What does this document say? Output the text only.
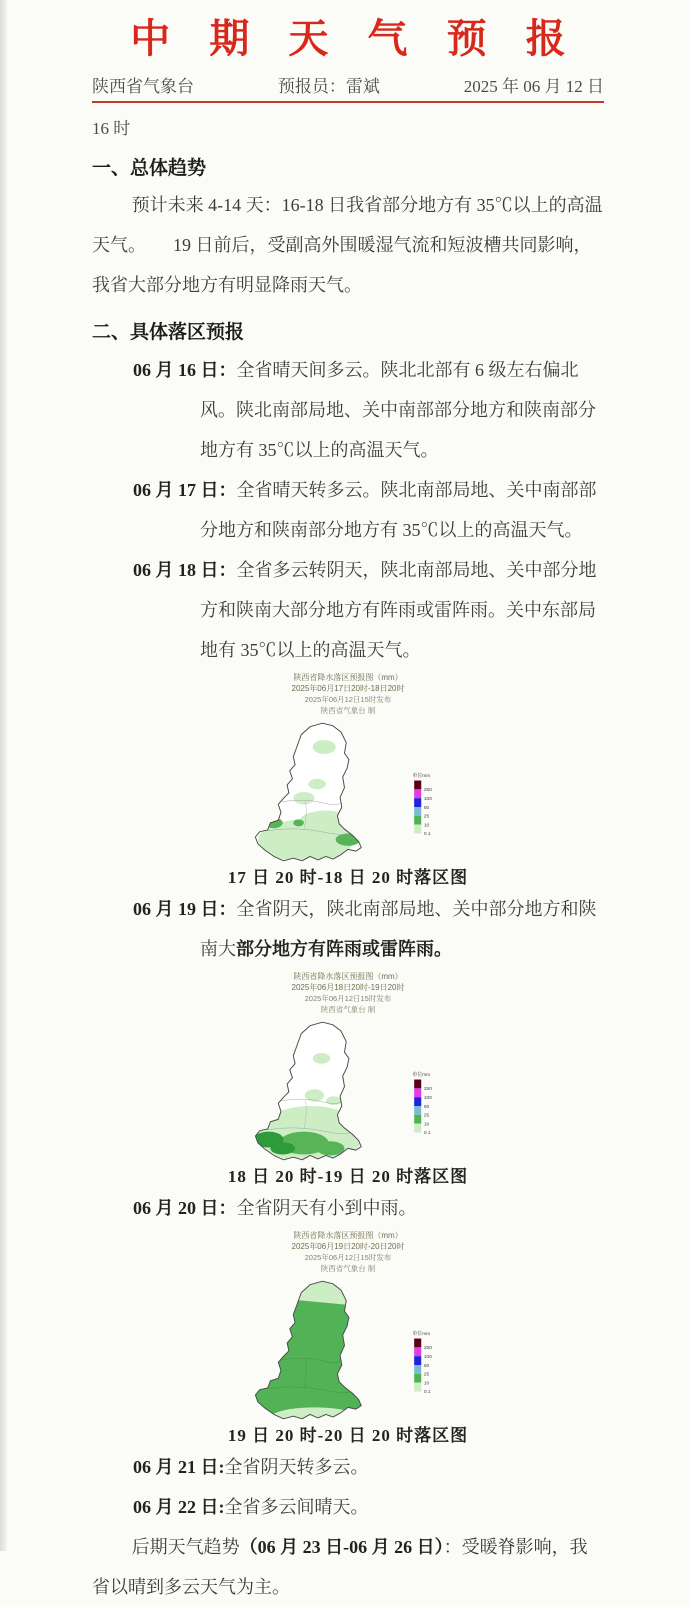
中 期 天 气 预 报
陕西省气象台	预报员：雷斌	2025 年 06 月 12 日
16 时
一、总体趋势

预计未来 4-14 天：16-18 日我省部分地方有 35℃以上的高温天气。　　19 日前后，受副高外围暖湿气流和短波槽共同影响，我省大部分地方有明显降雨天气。

二、具体落区预报

06 月 16 日：全省晴天间多云。陕北北部有 6 级左右偏北风。陕北南部局地、关中南部部分地方和陕南部分地方有 35℃以上的高温天气。

06 月 17 日：全省晴天转多云。陕北南部局地、关中南部部分地方和陕南部分地方有 35℃以上的高温天气。

06 月 18 日：全省多云转阴天，陕北南部局地、关中部分地方和陕南大部分地方有阵雨或雷阵雨。关中东部局地有 35℃以上的高温天气。

陕西省降水落区预报图（mm）
2025年06月17日20时-18日20时
2025年06月12日15时发布
陕西省气象台 制
单位mm
250
100
50
25
10
0.1
17 日 20 时-18 日 20 时落区图

06 月 19 日：全省阴天，陕北南部局地、关中部分地方和陕南大部分地方有阵雨或雷阵雨。

陕西省降水落区预报图（mm）
2025年06月18日20时-19日20时
2025年06月12日15时发布
陕西省气象台 制
单位mm
250
100
50
25
10
0.1
18 日 20 时-19 日 20 时落区图

06 月 20 日：全省阴天有小到中雨。

陕西省降水落区预报图（mm）
2025年06月19日20时-20日20时
2025年06月12日15时发布
陕西省气象台 制
单位mm
250
100
50
25
10
0.1
19 日 20 时-20 日 20 时落区图

06 月 21 日:全省阴天转多云。

06 月 22 日:全省多云间晴天。

后期天气趋势（06 月 23 日-06 月 26 日）：受暖脊影响，我省以晴到多云天气为主。
